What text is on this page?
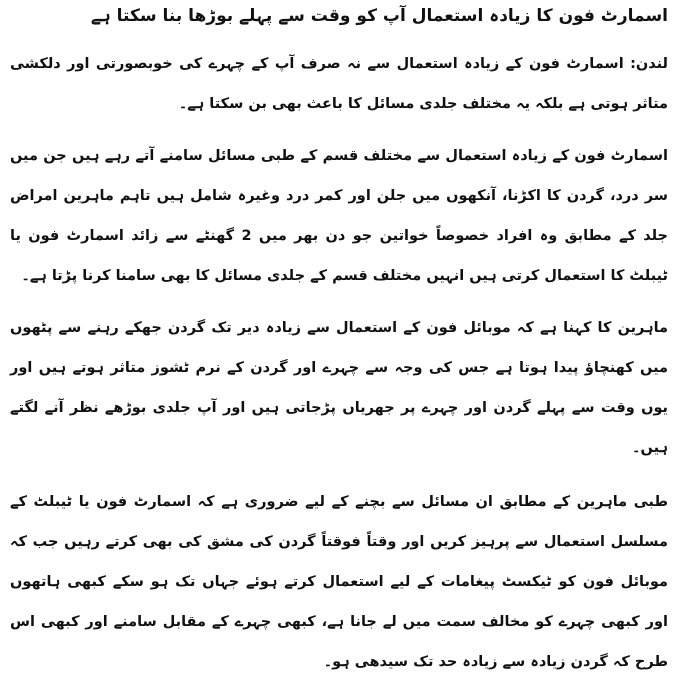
اسمارٹ فون کا زیادہ استعمال آپ کو وقت سے پہلے بوڑھا بنا سکتا ہے

لندن: اسمارٹ فون کے زیادہ استعمال سے نہ صرف آپ کے چہرے کی خوبصورتی اور دلکشی متاثر ہوتی ہے بلکہ یہ مختلف جلدی مسائل کا باعث بھی بن سکتا ہے۔

اسمارٹ فون کے زیادہ استعمال سے مختلف قسم کے طبی مسائل سامنے آتے رہے ہیں جن میں سر درد، گردن کا اکڑنا، آنکھوں میں جلن اور کمر درد وغیرہ شامل ہیں تاہم ماہرین امراض جلد کے مطابق وہ افراد خصوصاً خواتین جو دن بھر میں 2 گھنٹے سے زائد اسمارٹ فون یا ٹیبلٹ کا استعمال کرتی ہیں انہیں مختلف قسم کے جلدی مسائل کا بھی سامنا کرنا پڑتا ہے۔

ماہرین کا کہنا ہے کہ موبائل فون کے استعمال سے زیادہ دیر تک گردن جھکے رہنے سے پٹھوں میں کھنچاؤ پیدا ہوتا ہے جس کی وجہ سے چہرے اور گردن کے نرم ٹشوز متاثر ہوتے ہیں اور یوں وقت سے پہلے گردن اور چہرے پر جھریاں پڑجاتی ہیں اور آپ جلدی بوڑھے نظر آنے لگتے ہیں۔

طبی ماہرین کے مطابق ان مسائل سے بچنے کے لیے ضروری ہے کہ اسمارٹ فون یا ٹیبلٹ کے مسلسل استعمال سے پرہیز کریں اور وقتاً فوقتاً گردن کی مشق کی بھی کرتے رہیں جب کہ موبائل فون کو ٹیکسٹ پیغامات کے لیے استعمال کرتے ہوئے جہاں تک ہو سکے کبھی ہاتھوں اور کبھی چہرے کو مخالف سمت میں لے جانا ہے، کبھی چہرے کے مقابل سامنے اور کبھی اس طرح کہ گردن زیادہ سے زیادہ حد تک سیدھی ہو۔
